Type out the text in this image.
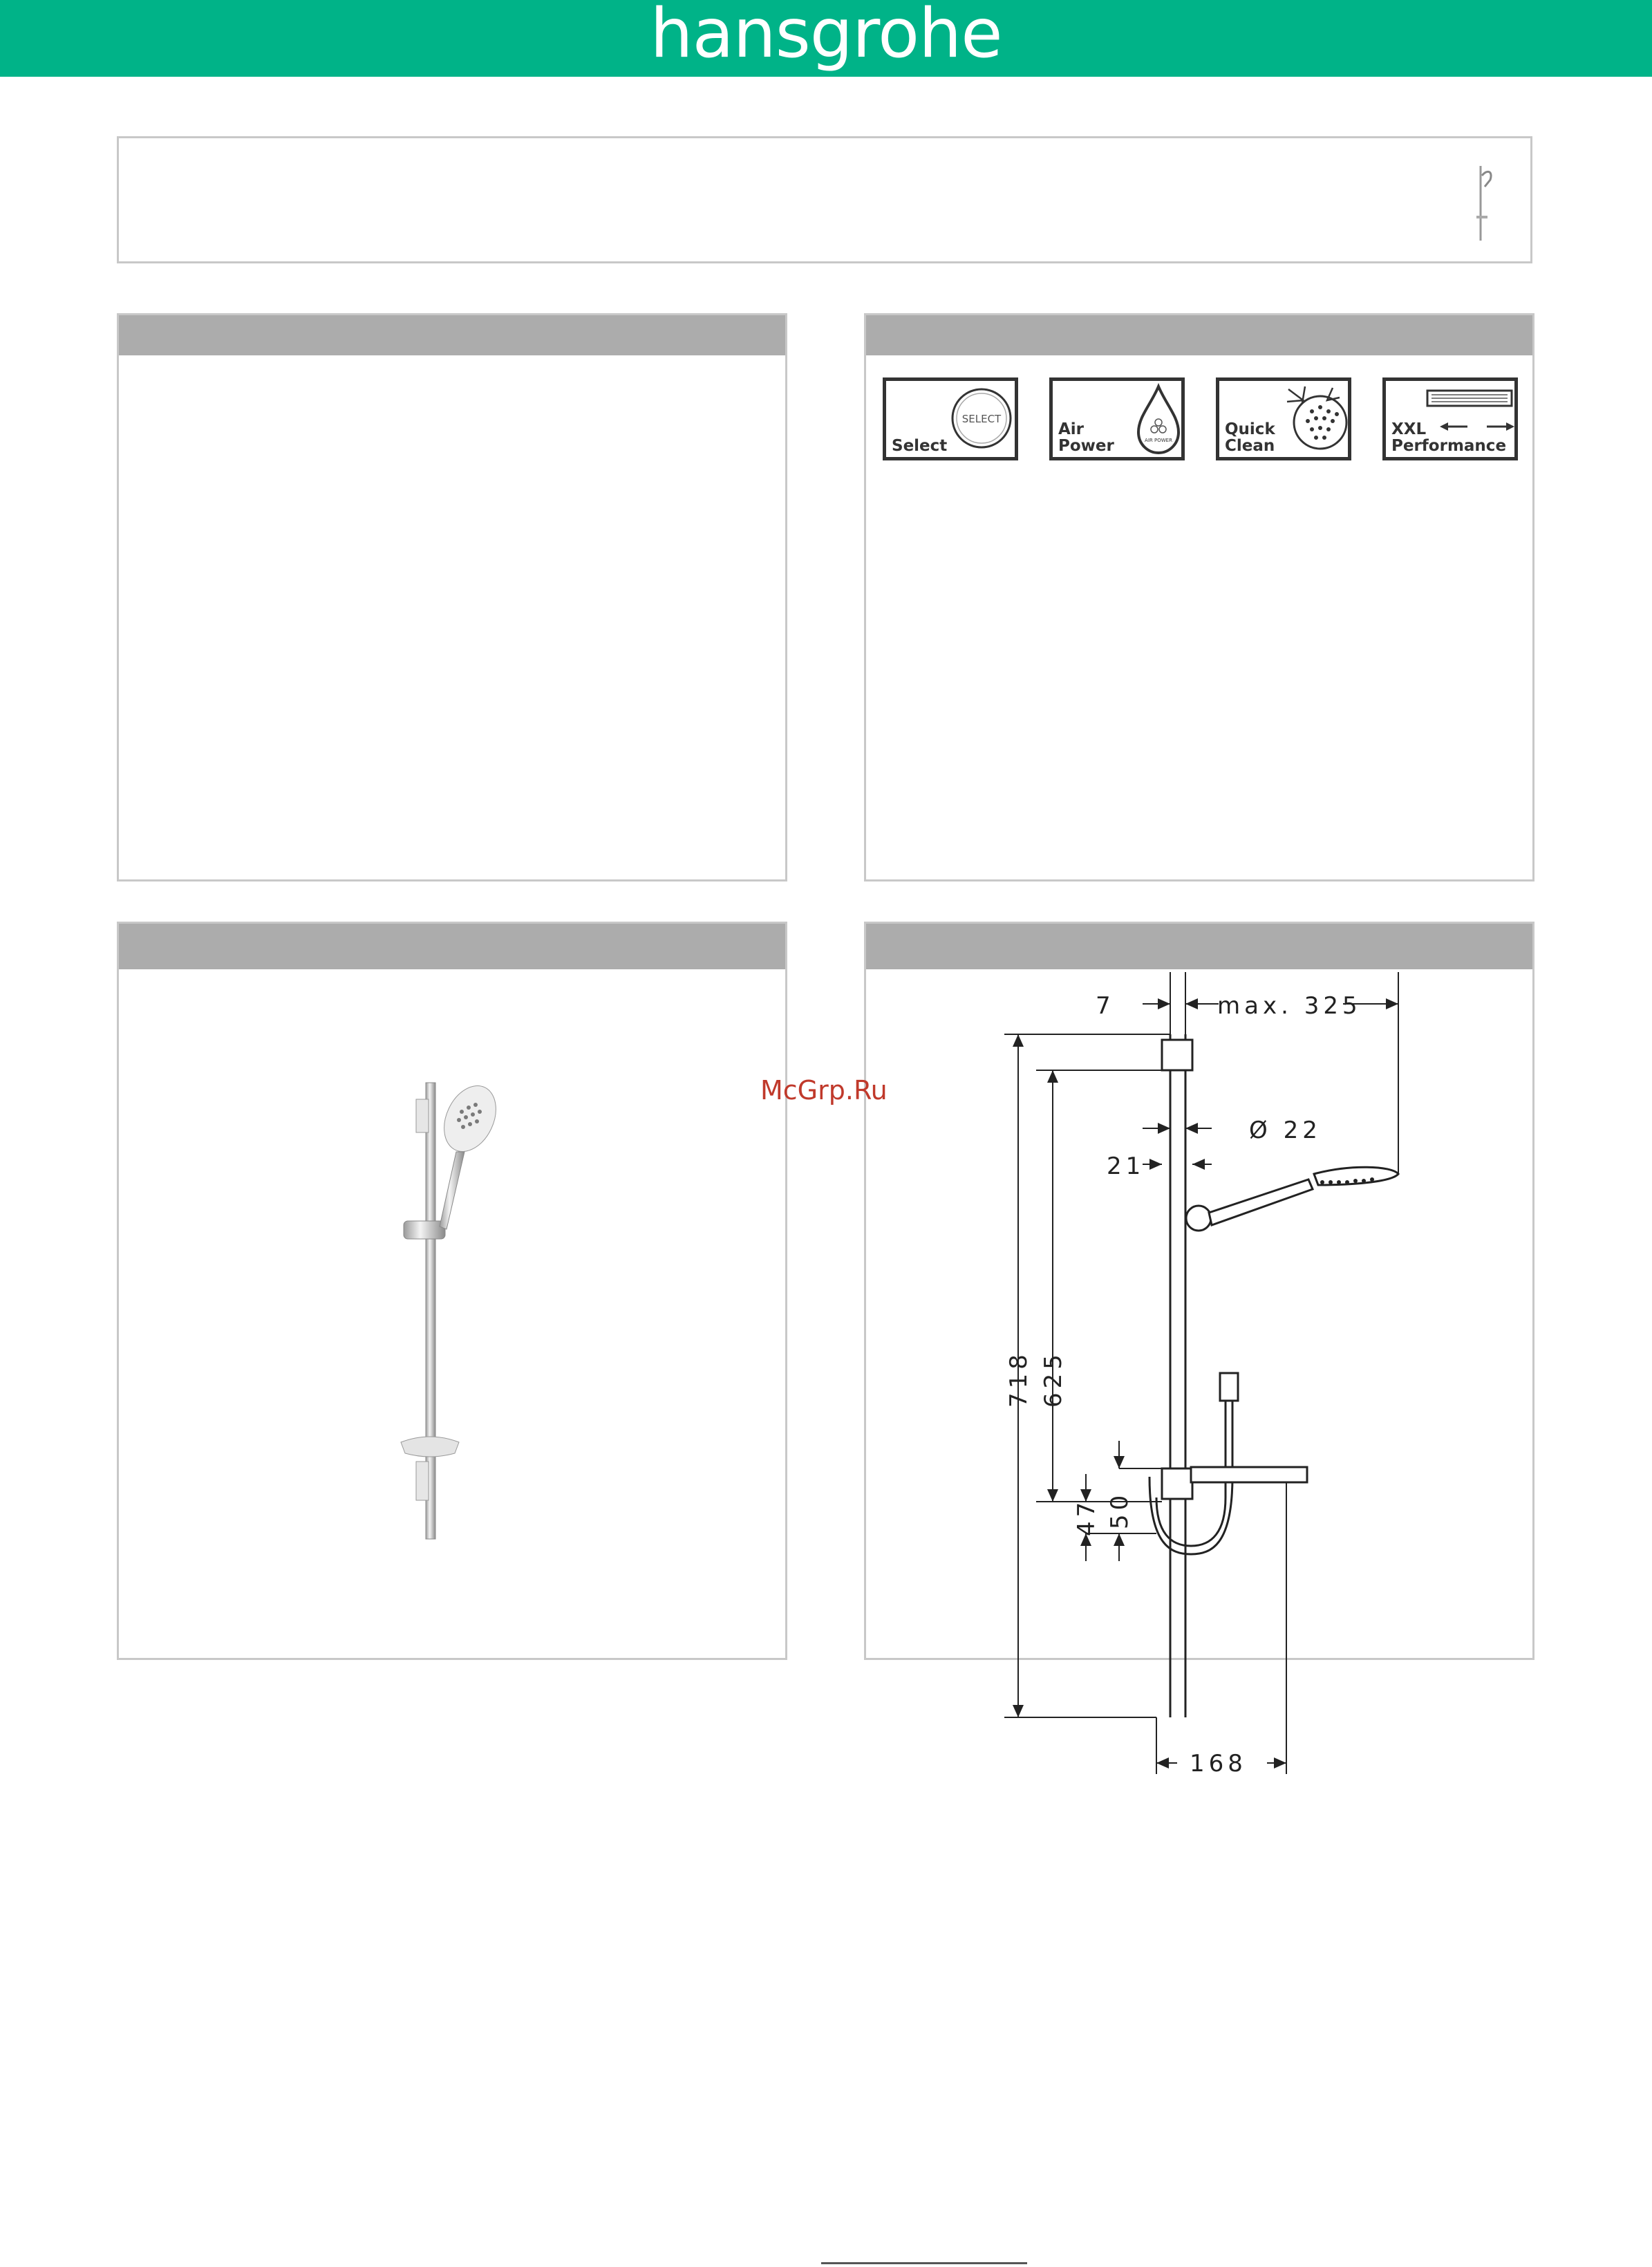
hansgrohe
SELECT
Select	AIR POWER
Air
Power
Quick
Clean
XXL
Performance
7	max. 325
Ø 22
21
718 625
47 50
168
McGrp.Ru
